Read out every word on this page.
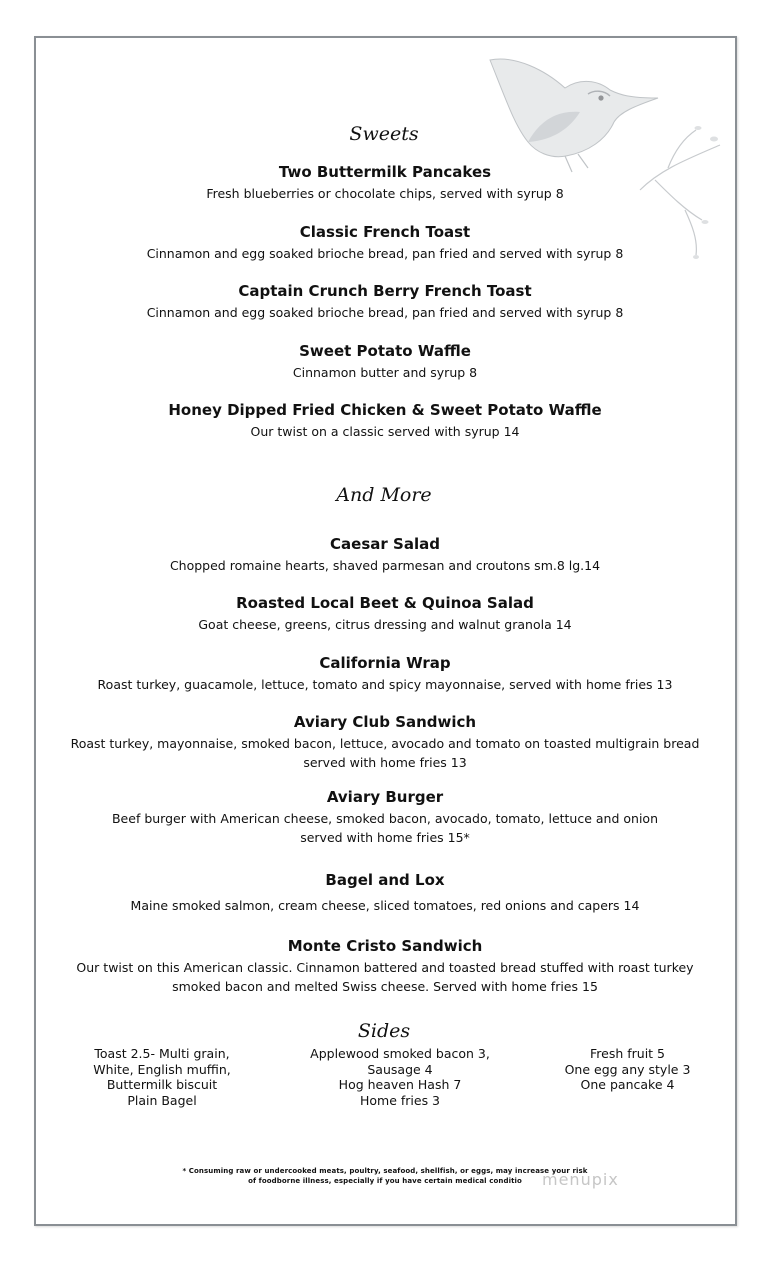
Sweets
Two Buttermilk Pancakes
Fresh blueberries or chocolate chips, served with syrup 8
Classic French Toast
Cinnamon and egg soaked brioche bread, pan fried and served with syrup 8
Captain Crunch Berry French Toast
Cinnamon and egg soaked brioche bread, pan fried and served with syrup 8
Sweet Potato Waffle
Cinnamon butter and syrup 8
Honey Dipped Fried Chicken & Sweet Potato Waffle
Our twist on a classic served with syrup 14
And More
Caesar Salad
Chopped romaine hearts, shaved parmesan and croutons sm.8 lg.14
Roasted Local Beet & Quinoa Salad
Goat cheese, greens, citrus dressing and walnut granola 14
California Wrap
Roast turkey, guacamole, lettuce, tomato and spicy mayonnaise, served with home fries 13
Aviary Club Sandwich
Roast turkey, mayonnaise, smoked bacon, lettuce, avocado and tomato on toasted multigrain bread
served with home fries 13
Aviary Burger
Beef burger with American cheese, smoked bacon, avocado, tomato, lettuce and onion
served with home fries 15*
Bagel and Lox
Maine smoked salmon, cream cheese, sliced tomatoes, red onions and capers 14
Monte Cristo Sandwich
Our twist on this American classic. Cinnamon battered and toasted bread stuffed with roast turkey
smoked bacon and melted Swiss cheese. Served with home fries 15
Sides
Toast 2.5- Multi grain,
White, English muffin,
Buttermilk biscuit
Plain Bagel
Applewood smoked bacon 3,
Sausage 4
Hog heaven Hash 7
Home fries 3
Fresh fruit 5
One egg any style 3
One pancake 4
* Consuming raw or undercooked meats, poultry, seafood, shellfish, or eggs, may increase your risk
of foodborne illness, especially if you have certain medical conditio	menupix
